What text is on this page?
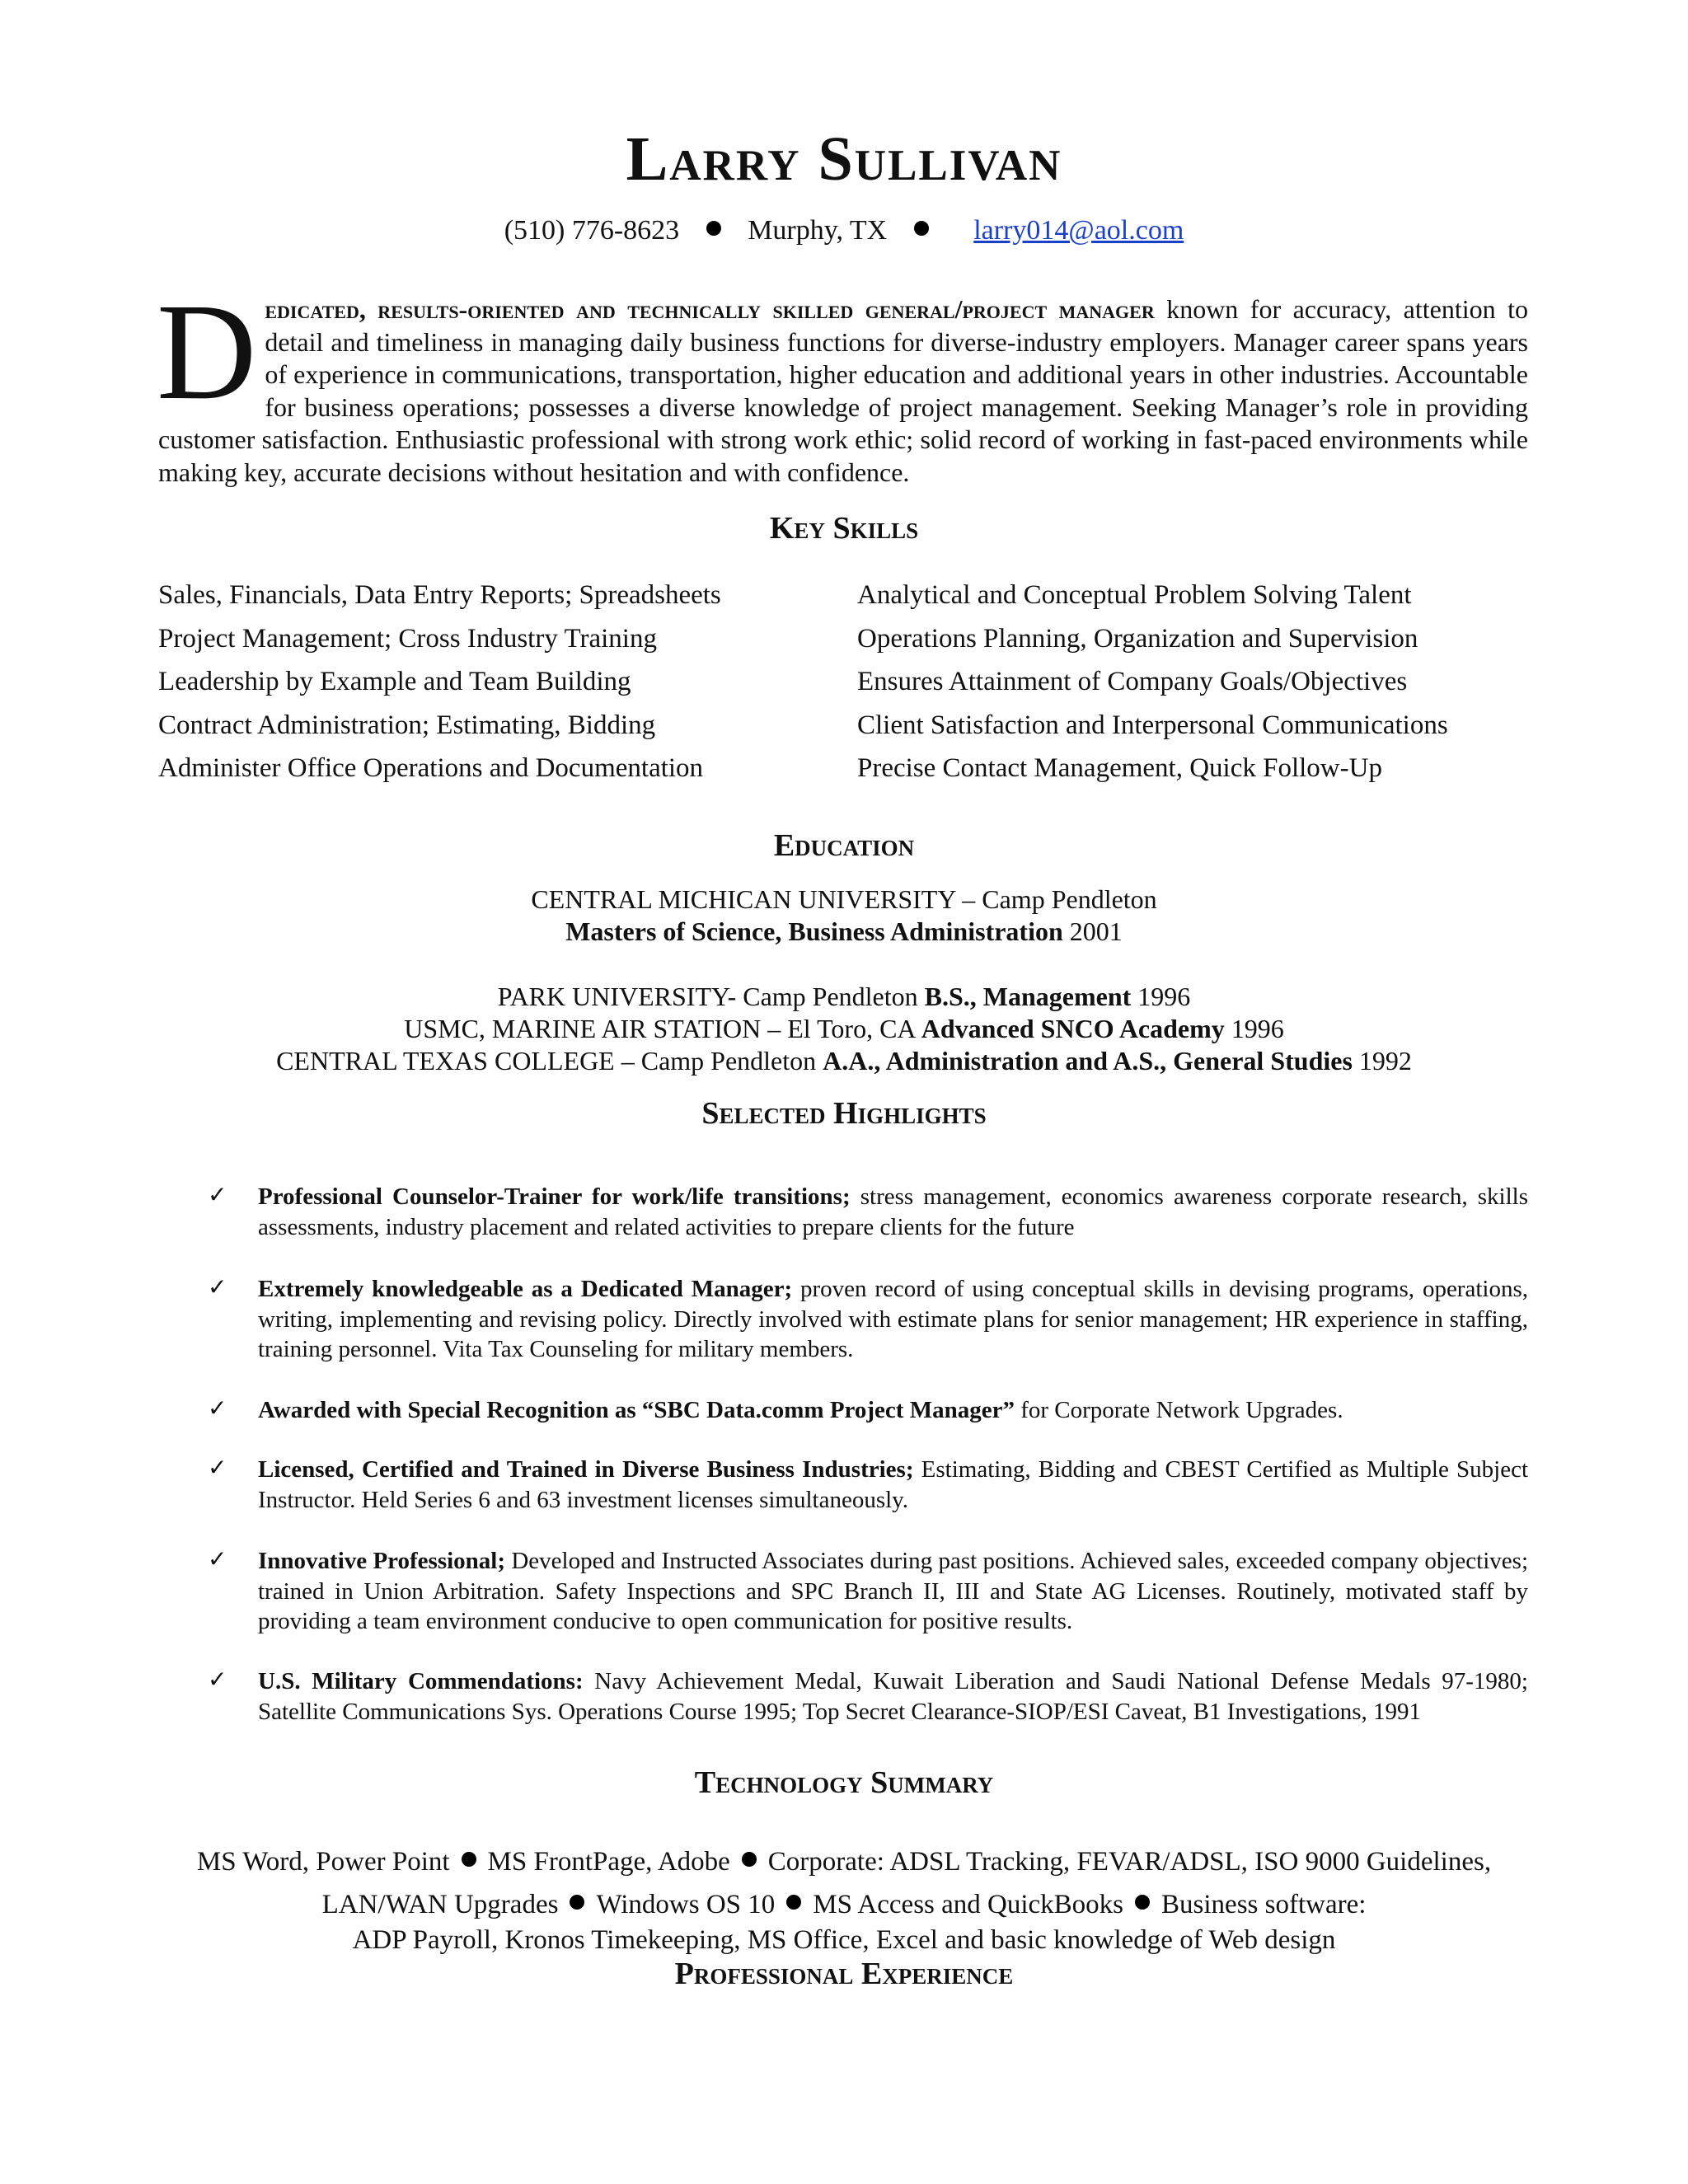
Larry Sullivan
(510) 776-8623 Murphy, TX	larry014@aol.com
D edicated, results-oriented and technically skilled general/project manager known for accuracy, attention to detail and timeliness in managing daily business functions for diverse-industry employers. Manager career spans years of experience in communications, transportation, higher education and additional years in other industries. Accountable for business operations; possesses a diverse knowledge of project management. Seeking Manager’s role in providing customer satisfaction. Enthusiastic professional with strong work ethic; solid record of working in fast-paced environments while making key, accurate decisions without hesitation and with confidence.
Key Skills
Sales, Financials, Data Entry Reports; Spreadsheets
Project Management; Cross Industry Training
Leadership by Example and Team Building
Contract Administration; Estimating, Bidding
Administer Office Operations and Documentation
Analytical and Conceptual Problem Solving Talent
Operations Planning, Organization and Supervision
Ensures Attainment of Company Goals/Objectives
Client Satisfaction and Interpersonal Communications
Precise Contact Management, Quick Follow-Up
Education
CENTRAL MICHICAN UNIVERSITY – Camp Pendleton
Masters of Science, Business Administration 2001
PARK UNIVERSITY- Camp Pendleton B.S., Management 1996
USMC, MARINE AIR STATION – El Toro, CA Advanced SNCO Academy 1996
CENTRAL TEXAS COLLEGE – Camp Pendleton A.A., Administration and A.S., General Studies 1992
Selected Highlights
✓ Professional Counselor-Trainer for work/life transitions; stress management, economics awareness corporate research, skills assessments, industry placement and related activities to prepare clients for the future
✓ Extremely knowledgeable as a Dedicated Manager; proven record of using conceptual skills in devising programs, operations, writing, implementing and revising policy. Directly involved with estimate plans for senior management; HR experience in staffing, training personnel. Vita Tax Counseling for military members.
✓ Awarded with Special Recognition as “SBC Data.comm Project Manager” for Corporate Network Upgrades.
✓ Licensed, Certified and Trained in Diverse Business Industries; Estimating, Bidding and CBEST Certified as Multiple Subject Instructor. Held Series 6 and 63 investment licenses simultaneously.
✓ Innovative Professional; Developed and Instructed Associates during past positions. Achieved sales, exceeded company objectives; trained in Union Arbitration. Safety Inspections and SPC Branch II, III and State AG Licenses. Routinely, motivated staff by providing a team environment conducive to open communication for positive results.
✓ U.S. Military Commendations: Navy Achievement Medal, Kuwait Liberation and Saudi National Defense Medals 97-1980; Satellite Communications Sys. Operations Course 1995; Top Secret Clearance-SIOP/ESI Caveat, B1 Investigations, 1991
Technology Summary
MS Word, Power Point MS FrontPage, Adobe Corporate: ADSL Tracking, FEVAR/ADSL, ISO 9000 Guidelines,
LAN/WAN Upgrades Windows OS 10 MS Access and QuickBooks Business software:
ADP Payroll, Kronos Timekeeping, MS Office, Excel and basic knowledge of Web design
Professional Experience
